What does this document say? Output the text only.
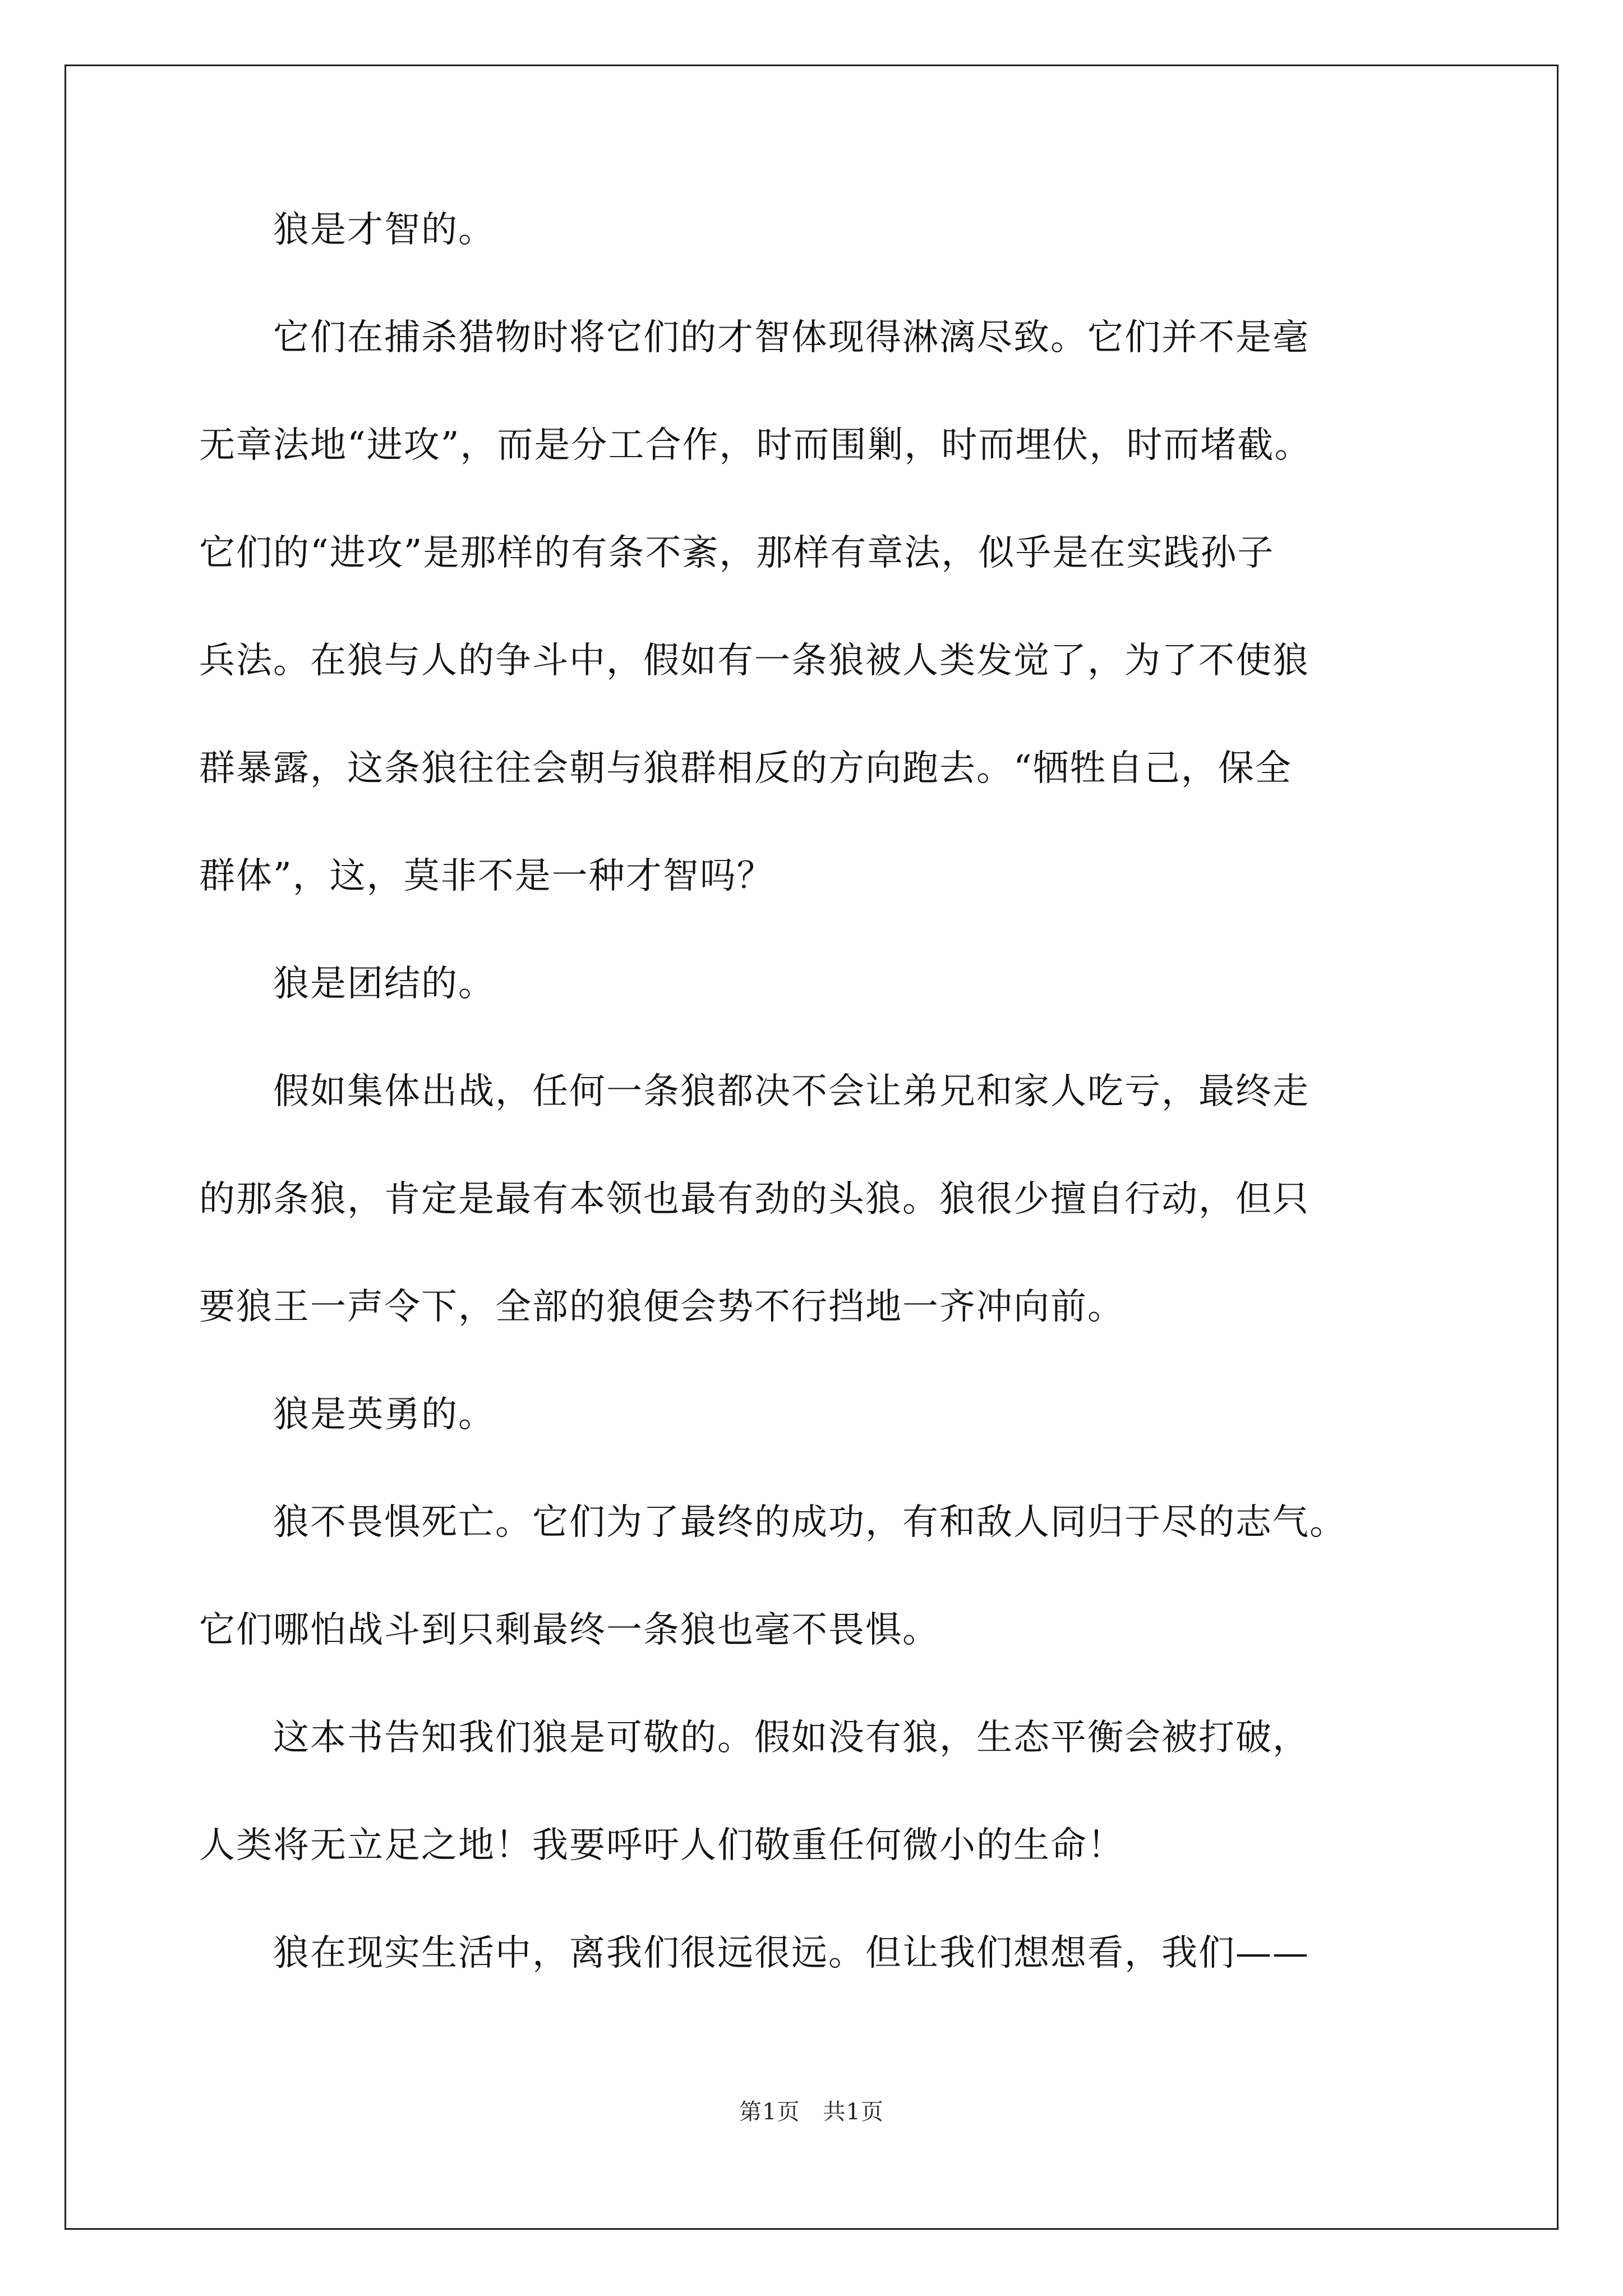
　　狼是才智的。
　　它们在捕杀猎物时将它们的才智体现得淋漓尽致。它们并不是毫
无章法地“进攻”，而是分工合作，时而围剿，时而埋伏，时而堵截。
它们的“进攻”是那样的有条不紊，那样有章法，似乎是在实践孙子
兵法。在狼与人的争斗中，假如有一条狼被人类发觉了，为了不使狼
群暴露，这条狼往往会朝与狼群相反的方向跑去。“牺牲自己，保全
群体”，这，莫非不是一种才智吗？
　　狼是团结的。
　　假如集体出战，任何一条狼都决不会让弟兄和家人吃亏，最终走
的那条狼，肯定是最有本领也最有劲的头狼。狼很少擅自行动，但只
要狼王一声令下，全部的狼便会势不行挡地一齐冲向前。
　　狼是英勇的。
　　狼不畏惧死亡。它们为了最终的成功，有和敌人同归于尽的志气。
它们哪怕战斗到只剩最终一条狼也毫不畏惧。
　　这本书告知我们狼是可敬的。假如没有狼，生态平衡会被打破，
人类将无立足之地！我要呼吁人们敬重任何微小的生命！
　　狼在现实生活中，离我们很远很远。但让我们想想看，我们——
第1页　共1页
